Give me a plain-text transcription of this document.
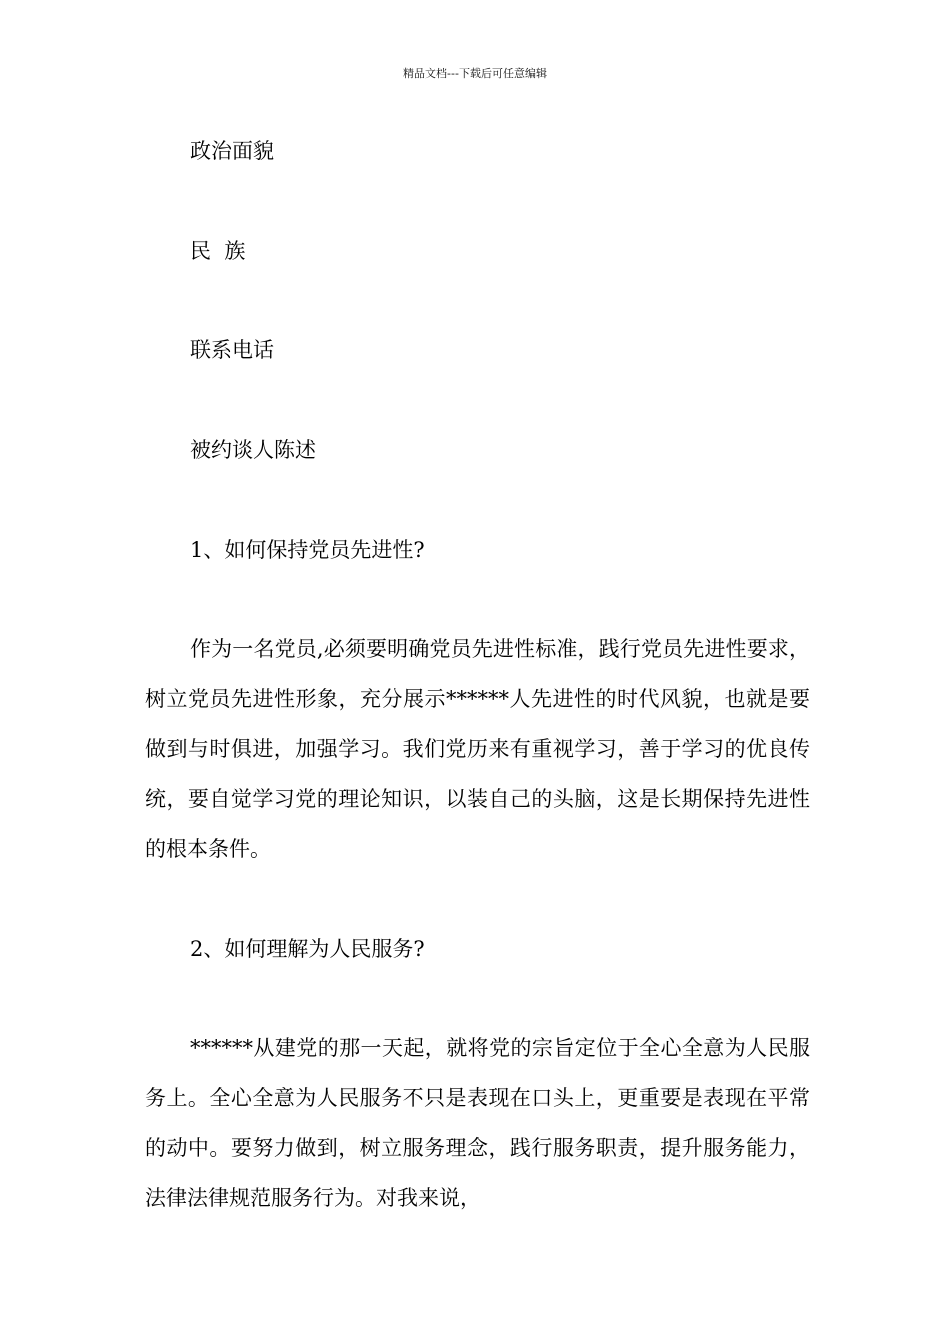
精品文档---下载后可任意编辑
政治面貌
民  族
联系电话
被约谈人陈述
1、如何保持党员先进性?

作为一名党员,必须要明确党员先进性标准，践行党员先进性要求，树立党员先进性形象，充分展示******人先进性的时代风貌，也就是要做到与时俱进，加强学习。我们党历来有重视学习，善于学习的优良传统，要自觉学习党的理论知识，以装自己的头脑，这是长期保持先进性的根本条件。

2、如何理解为人民服务?

******从建党的那一天起，就将党的宗旨定位于全心全意为人民服务上。全心全意为人民服务不只是表现在口头上，更重要是表现在平常的动中。要努力做到，树立服务理念，践行服务职责，提升服务能力，法律法律规范服务行为。对我来说，
